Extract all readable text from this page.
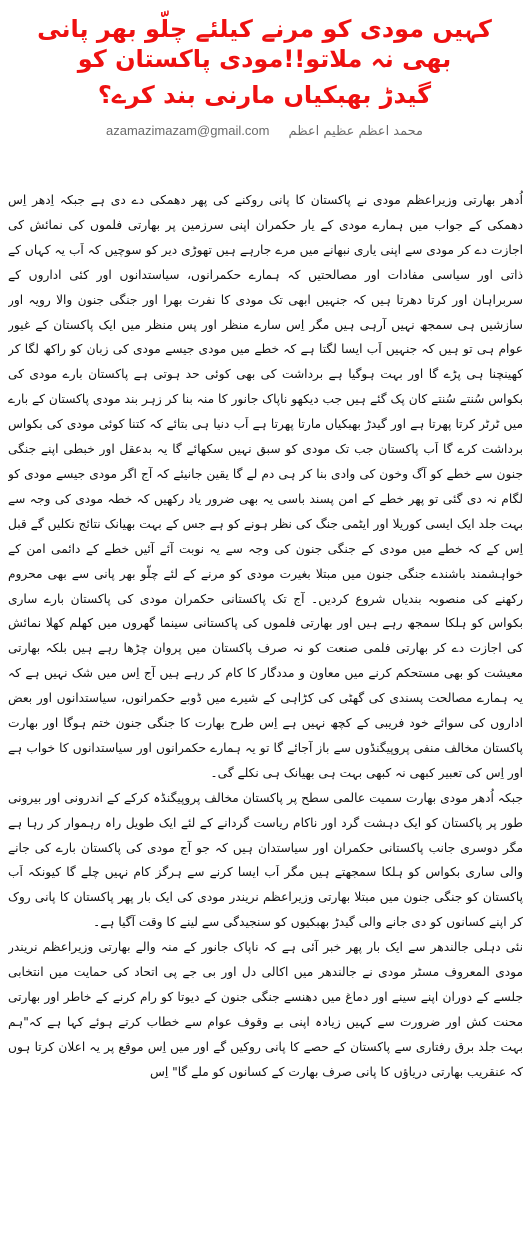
کہیں مودی کو مرنے کیلئے چلّو بھر پانی بھی نہ ملاتو!!مودی پاکستان کو
گیدڑ بھبکیاں مارنی بند کرے؟
azamazimazam@gmail.com محمد اعظم عظیم اعظم

اُدھر بھارتی وزیراعظم مودی نے پاکستان کا پانی روکنے کی پھر دھمکی دے دی ہے جبکہ اِدھر اِس دھمکی کے جواب میں ہمارے مودی کے یار حکمران اپنی سرزمین پر بھارتی فلموں کی نمائش کی اجازت دے کر مودی سے اپنی یاری نبھانے میں مرے جارہے ہیں تھوڑی دیر کو سوچیں کہ اَب یہ کہاں کے ذاتی اور سیاسی مفادات اور مصالحتیں کہ ہمارے حکمرانوں، سیاستدانوں اور کئی اداروں کے سربراہان اور کرتا دھرتا ہیں کہ جنہیں ابھی تک مودی کا نفرت بھرا اور جنگی جنون والا رویہ اور سازشیں ہی سمجھ نہیں آرہی ہیں مگر اِس سارے منظر اور پس منظر میں ایک پاکستان کے غیور عوام ہی تو ہیں کہ جنہیں اَب ایسا لگتا ہے کہ خطے میں مودی جیسے مودی کی زبان کو راکھ لگا کر کھینچنا ہی پڑے گا اور بہت ہوگیا ہے برداشت کی بھی کوئی حد ہوتی ہے پاکستان بارے مودی کی بکواس سُنتے سُنتے کان پک گئے ہیں جب دیکھو ناپاک جانور کا منہ بنا کر زہر بند مودی پاکستان کے بارے میں ٹرٹر کرتا پھرتا ہے اور گیدڑ بھبکیاں مارتا پھرتا ہے اَب دنیا ہی بتائے کہ کتنا کوئی مودی کی بکواس برداشت کرے گا اَب پاکستان جب تک مودی کو سبق نہیں سکھائے گا یہ بدعقل اور خبطی اپنے جنگی جنون سے خطے کو آگ وخون کی وادی بنا کر ہی دم لے گا یقین جانیئے کہ آج اگر مودی جیسے مودی کو لگام نہ دی گئی تو پھر خطے کے امن پسند باسی یہ بھی ضرور یاد رکھیں کہ خطہ مودی کی وجہ سے بہت جلد ایک ایسی کوریلا اور ایٹمی جنگ کی نظر ہونے کو ہے جس کے بہت بھیانک نتائج نکلیں گے قبل اِس کے کہ خطے میں مودی کے جنگی جنون کی وجہ سے یہ نوبت آئے آئیں خطے کے دائمی امن کے خواہشمند باشندے جنگی جنون میں مبتلا بغیرت مودی کو مرنے کے لئے چلّو بھر پانی سے بھی محروم رکھنے کی منصوبہ بندیاں شروع کردیں۔ آج تک پاکستانی حکمران مودی کی پاکستان بارے ساری بکواس کو ہلکا سمجھ رہے ہیں اور بھارتی فلموں کی پاکستانی سینما گھروں میں کھلم کھلا نمائش کی اجازت دے کر بھارتی فلمی صنعت کو نہ صرف پاکستان میں پروان چڑھا رہے ہیں بلکہ بھارتی معیشت کو بھی مستحکم کرنے میں معاون و مددگار کا کام کر رہے ہیں آج اِس میں شک نہیں ہے کہ یہ ہمارے مصالحت پسندی کی گھٹی کی کڑاہی کے شیرے میں ڈوبے حکمرانوں، سیاستدانوں اور بعض اداروں کی سوائے خود فریبی کے کچھ نہیں ہے اِس طرح بھارت کا جنگی جنون ختم ہوگا اور بھارت پاکستان مخالف منفی پروپیگنڈوں سے باز آجائے گا تو یہ ہمارے حکمرانوں اور سیاستدانوں کا خواب ہے اور اِس کی تعبیر کبھی نہ کبھی بہت ہی بھیانک ہی نکلے گی۔

جبکہ اُدھر مودی بھارت سمیت عالمی سطح پر پاکستان مخالف پروپیگنڈہ کرکے کے اندرونی اور بیرونی طور پر پاکستان کو ایک دہشت گرد اور ناکام ریاست گردانے کے لئے ایک طویل راہ رہموار کر رہا ہے مگر دوسری جانب پاکستانی حکمران اور سیاستدان ہیں کہ جو آج مودی کی پاکستان بارے کی جانے والی ساری بکواس کو ہلکا سمجھتے ہیں مگر اَب ایسا کرنے سے ہرگز کام نہیں چلے گا کیونکہ اَب پاکستان کو جنگی جنون میں مبتلا بھارتی وزیراعظم نریندر مودی کی ایک بار پھر پاکستان کا پانی روک کر اپنے کسانوں کو دی جانے والی گیدڑ بھبکیوں کو سنجیدگی سے لینے کا وقت آگیا ہے۔

نئی دہلی جالندھر سے ایک بار پھر خبر آئی ہے کہ ناپاک جانور کے منہ والے بھارتی وزیراعظم نریندر مودی المعروف مسٹر مودی نے جالندھر میں اکالی دل اور بی جے پی اتحاد کی حمایت میں انتخابی جلسے کے دوران اپنے سینے اور دماغ میں دھنسے جنگی جنون کے دیوتا کو رام کرنے کے خاطر اور بھارتی محنت کش اور ضرورت سے کہیں زیادہ اپنی بے وقوف عوام سے خطاب کرتے ہوئے کہا ہے کہ"ہم بہت جلد برق رفتاری سے پاکستان کے حصے کا پانی روکیں گے اور میں اِس موقع پر یہ اعلان کرتا ہوں کہ عنقریب بھارتی دریاؤں کا پانی صرف بھارت کے کسانوں کو ملے گا" اِس
